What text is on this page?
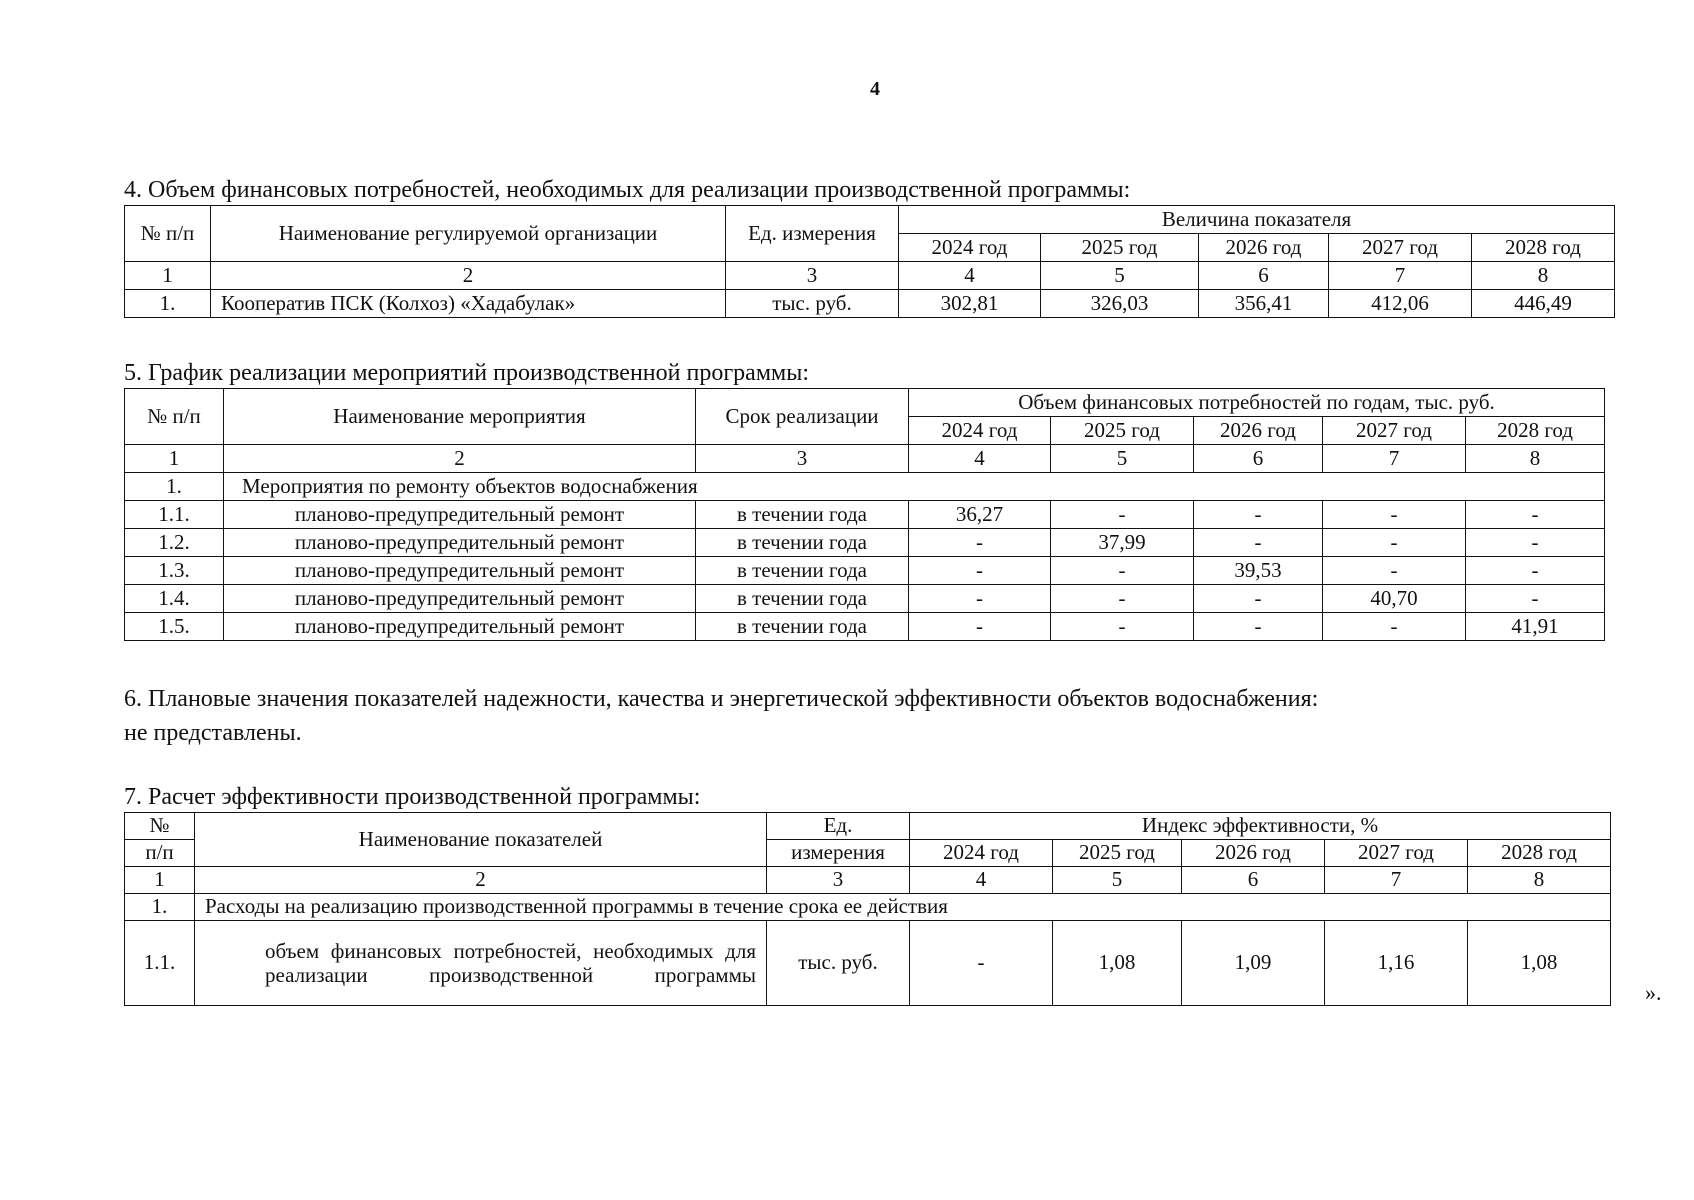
4
4. Объем финансовых потребностей, необходимых для реализации производственной программы:
№ п/п	Наименование регулируемой организации	Ед. измерения	Величина показателя				
			2024 год	2025 год	2026 год	2027 год	2028 год
1	2	3	4	5	6	7	8
1.	Кооператив ПСК (Колхоз) «Хадабулак»	тыс. руб.	302,81	326,03	356,41	412,06	446,49
5. График реализации мероприятий производственной программы:
№ п/п	Наименование мероприятия	Срок реализации	Объем финансовых потребностей по годам, тыс. руб.				
			2024 год	2025 год	2026 год	2027 год	2028 год
1	2	3	4	5	6	7	8
1.	Мероприятия по ремонту объектов водоснабжения						
1.1.	планово-предупредительный ремонт	в течении года	36,27	-	-	-	-
1.2.	планово-предупредительный ремонт	в течении года	-	37,99	-	-	-
1.3.	планово-предупредительный ремонт	в течении года	-	-	39,53	-	-
1.4.	планово-предупредительный ремонт	в течении года	-	-	-	40,70	-
1.5.	планово-предупредительный ремонт	в течении года	-	-	-	-	41,91
6. Плановые значения показателей надежности, качества и энергетической эффективности объектов водоснабжения:
не представлены.
7. Расчет эффективности производственной программы:
№	Наименование показателей	Ед.	Индекс эффективности, %				
п/п		измерения	2024 год	2025 год	2026 год	2027 год	2028 год
1	2	3	4	5	6	7	8
1.	Расходы на реализацию производственной программы в течение срока ее действия						
1.1.	объем финансовых потребностей, необходимых для реализации производственной программы	тыс. руб.	-	1,08	1,09	1,16	1,08
».
